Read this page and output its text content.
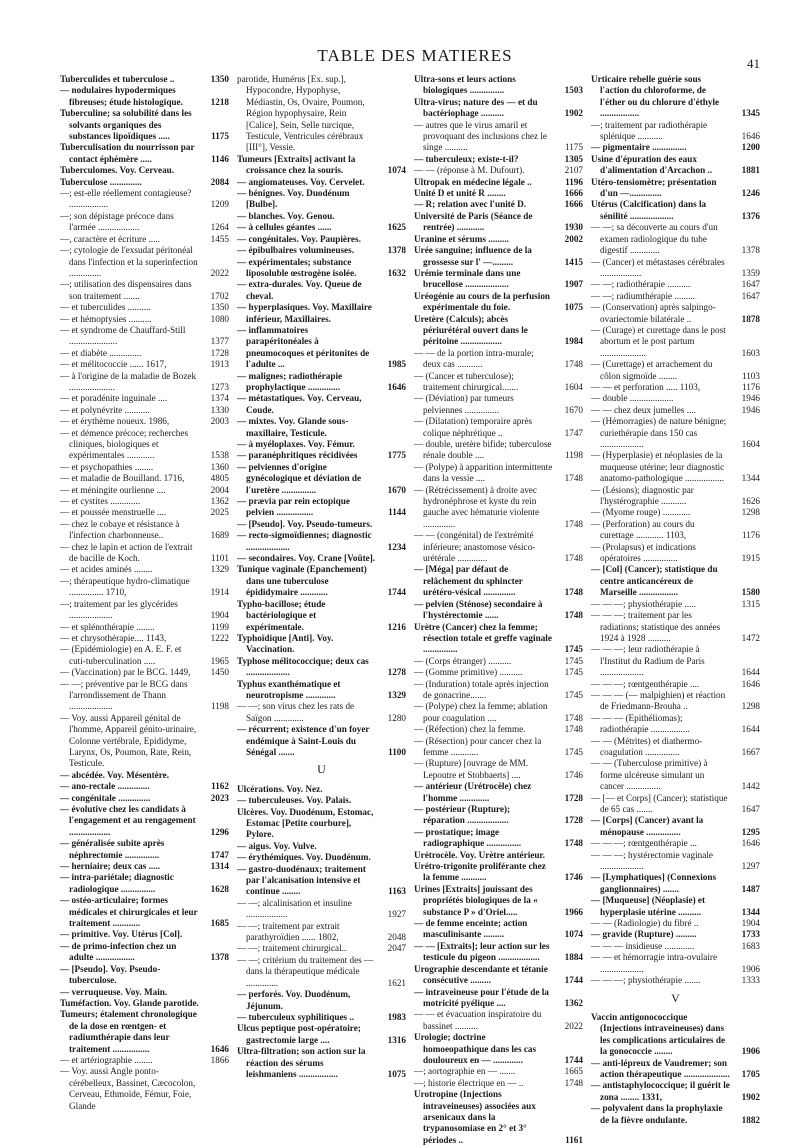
TABLE DES MATIERES	41
Tuberculides et tuberculose ..	1350
— nodulaires hypodermiques fibreuses; étude histologique.	1218
Tuberculine; sa solubilité dans les solvants organiques des substances lipoïdiques .....	1175
Tuberculisation du nourrisson par contact éphémère .....	1146
Tuberculomes. Voy. Cerveau.
Tuberculose ..............	2084
—; est-elle réellement contagieuse? .................	1209
—; son dépistage précoce dans l'armée ..................	1264
—, caractère et écriture .....	1455
—; cytologie de l'exsudat péritonéal dans l'infection et la superinfection ..............	2022
—; utilisation des dispensaires dans son traitement .......	1702
— et tuberculides ..........	1350
— et hémoptysies ..........	1080
— et syndrome de Chauffard-Still .....................	1377
— et diabète ..............	1728
— et mélitococcie ...... 1617,	1913
— à l'origine de la maladie de Bozek ....................	1273
— et poradénite inguinale ....	1374
— et polynévrite ...........	1330
— et érythème noueux. 1986,	2003
— et démence précoce; recherches cliniques, biologiques et expérimentales ............	1538
— et psychopathies ........	1360
— et maladie de Bouilland. 1716,	4805
— et méningite ourlienne ....	2004
— et cystites .............	1362
— et poussée menstruelle ....	2025
— chez le cobaye et résistance à l'infection charbonneuse..	1689
— chez le lapin et action de l'extrait de bacille de Koch.	1101
— et acides aminés ........	1329
—; thérapeutique hydro-climatique ............... 1710,	1914
—; traitement par les glycérides ...................	1904
— et splénothérapie ........	1199
— et chrysothérapie.... 1143,	1222
— (Epidémiologie) en A. E. F. et cuti-tuberculination .....	1965
— (Vaccination) par le BCG. 1449,	1450
— —; préventive par le BCG dans l'arrondissement de Thann ...................	1198
— Voy. aussi Appareil génital de l'homme, Appareil génito-urinaire, Colonne vertébrale, Epididyme, Larynx, Os, Poumon, Rate, Rein, Testicule.
— abcédée. Voy. Mésentère.
— ano-rectale ..............	1162
— congénitale ..............	2023
— évolutive chez les candidats à l'engagement et au rengagement ..................	1296
— généralisée subite après néphrectomie ...............	1747
— herniaire; deux cas .....	1314
— intra-pariétale; diagnostic radiologique ...............	1628
— ostéo-articulaire; formes médicales et chirurgicales et leur traitement ............	1685
— primitive. Voy. Utérus [Col].
— de primo-infection chez un adulte .................	1378
— [Pseudo]. Voy. Pseudo-tuberculose.
— verruqueuse. Voy. Main.
Tuméfaction. Voy. Glande parotide.
Tumeurs; étalement chronologique de la dose en rœntgen- et radiumthérapie dans leur traitement ................	1646
— et artériographie ........	1866
— Voy. aussi Angle ponto-cérébelleux, Bassinet, Cæcocolon, Cerveau, Ethmoïde, Fémur, Foie, Glande
parotide, Humérus [Ex. sup.], Hypocondre, Hypophyse, Médiastin, Os, Ovaire, Poumon, Région hypophysaire, Rein [Calice], Sein, Selle turcique, Testicule, Ventricules cérébraux [III°], Vessie.
Tumeurs [Extraits] activant la croissance chez la souris.	1074
— angiomateuses. Voy. Cervelet.
— bénignes. Voy. Duodénum [Bulbe].
— blanches. Voy. Genou.
— à cellules géantes ......	1625
— congénitales. Voy. Paupières.
— épibulbaires volumineuses.	1378
— expérimentales; substance liposoluble œstrogène isolée.	1632
— extra-durales. Voy. Queue de cheval.
— hyperplasiques. Voy. Maxillaire inférieur, Maxillaires.
— inflammatoires parapéritonéales à pneumocoques et péritonites de l'adulte ...	1985
— malignes; radiothérapie prophylactique ..............	1646
— métastatiques. Voy. Cerveau, Coude.
— mixtes. Voy. Glande sous-maxillaire, Testicule.
— à myéloplaxes. Voy. Fémur.
— paranéphritiques récidivées	1775
— pelviennes d'origine gynécologique et déviation de l'uretère ...............	1670
— prævia par rein ectopique pelvien ................	1144
— [Pseudo]. Voy. Pseudo-tumeurs.
— recto-sigmoïdiennes; diagnostic ...................	1234
— secondaires. Voy. Crane [Voûte].
Tunique vaginale (Epanchement) dans une tuberculose épididymaire ............	1744
Typho-bacillose; étude bactériologique et expérimentale.	1216
Typhoïdique [Anti]. Voy. Vaccination.
Typhose mélitococcique; deux cas ...................	1278
Typhus exanthématique et neurotropisme .............	1329
— —; son virus chez les rats de Saïgon .............	1280
— récurrent; existence d'un foyer endémique à Saint-Louis du Sénégal .......	1100
U
Ulcérations. Voy. Nez.
— tuberculeuses. Voy. Palais.
Ulcères. Voy. Duodénum, Estomac, Estomac [Petite courbure], Pylore.
— aigus. Voy. Vulve.
— érythémiques. Voy. Duodénum.
— gastro-duodénaux; traitement par l'alcanisation intensive et continue ........	1163
— —; alcalinisation et insuline ..................	1927
— —; traitement par extrait parathyroïdien ...... 1802,	2048
— —; traitement chirurgical..	2047
— —; critérium du traitement des — dans la thérapeutique médicale ..............	1621
— perforés. Voy. Duodénum, Jéjunum.
— tuberculeux syphilitiques ..	1983
Ulcus peptique post-opératoire; gastrectomie large ....	1316
Ultra-filtration; son action sur la réaction des sérums leishmaniens .................	1075
Ultra-sons et leurs actions biologiques ...............	1503
Ultra-virus; nature des — et du bactériophage ..........	1902
— autres que le virus amaril et provoquant des inclusions chez le singe ..........	1175
— tuberculeux; existe-t-il?	1305
— — (réponse à M. Dufourt).	2107
Ultropak en médecine légale ..	1196
Unité D et unité R ........	1666
— R; relation avec l'unité D.	1666
Université de Paris (Séance de rentrée) ............	1930
Uranine et sérums .........	2002
Urée sanguine; influence de la grossesse sur l' —.........	1415
Urémie terminale dans une brucellose ...................	1907
Uréogénie au cours de la perfusion expérimentale du foie.	1075
Uretère (Calculs); abcès périurétéral ouvert dans le péritoine ..................	1984
— — de la portion intra-murale; deux cas ...........	1748
— (Cancer et tuberculose); traitement chirurgical.......	1604
— (Déviation) par tumeurs pelviennes ...............	1670
— (Dilatation) temporaire après colique néphrétique ..	1747
— double, uretère bifide; tuberculose rénale double ....	1198
— (Polype) à apparition intermittente dans la vessie ....	1748
— (Rétrécissement) à droite avec hydronéphrose et kyste du rein gauche avec hématurie violente ..............	1748
— — (congénital) de l'extrémité inférieure; anastomose vésico-urétérale .............	1748
— [Méga] par défaut de relâchement du sphincter urétéro-vésical ..............	1748
— pelvien (Sténose) secondaire à l'hystérectomie ......	1748
Urètre (Cancer) chez la femme; résection totale et greffe vaginale ...............	1745
— (Corps étranger) ..........	1745
— (Gomme primitive) ..........	1745
— (Induration) totale après injection de gonacrine.......	1745
— (Polype) chez la femme; ablation pour coagulation ....	1748
— (Réfection) chez la femme.	1748
— (Résection) pour cancer chez la femme ............	1745
— (Rupture) [ouvrage de MM. Lepoutre et Stobbaerts] ....	1746
— antérieur (Urétrocèle) chez l'homme .............	1728
— postérieur (Rupture); réparation ..................	1728
— prostatique; image radiographique ...............	1748
Urétrocèle. Voy. Urètre antérieur.
Urétro-trigonite proliférante chez la femme ...........	1746
Urines [Extraits] jouissant des propriétés biologiques de la « substance P » d'Oriel.....	1966
— de femme enceinte; action masculinisante .........	1074
— — [Extraits]; leur action sur les testicule du pigeon ..................	1884
Urographie descendante et tétanie consécutive .........	1744
— intraveineuse pour l'étude de la motricité pyélique ....	1362
— — et évacuation inspiratoire du bassinet ..........	2022
Urologie; doctrine homoeopathique dans les cas douloureux en — .............	1744
—; aortographie en — .......	1665
—; historie électrique en — ..	1748
Urotropine (Injections intraveineuses) associées aux arsenicaux dans la trypanosomiase en 2° et 3° périodes ..	1161
Urticaire rebelle guérie sous l'action du chloroforme, de l'éther ou du chlorure d'éthyle .................	1345
—; traitement par radiothérapie splénique ...........	1646
— pigmentaire ...............	1200
Usine d'épuration des eaux d'alimentation d'Arcachon ..	1881
Utéro-tensiomètre; présentation d'un —..............	1246
Utérus (Calcification) dans la sénilité ...................	1376
— —; sa découverte au cours d'un examen radiologique du tube digestif .............	1378
— (Cancer) et métastases cérébrales ..................	1359
— —; radiothérapie ..........	1647
— —; radiumthérapie .........	1647
— (Conservation) après salpingo-ovariectomie bilatérale ..	1878
— (Curage) et curettage dans le post abortum et le post partum ....................	1603
— (Curettage) et arrachement du côlon sigmoïde ........	1103
— — et perforation ..... 1103,	1176
— double ...................	1946
— — chez deux jumelles ....	1946
— (Hémorragies) de nature bénigne; curiethérapie dans 150 cas ...................	1604
— (Hyperplasie) et néoplasies de la muqueuse utérine; leur diagnostic anatomo-pathologique .................	1344
— (Lésions); diagnostic par l'hystérographie ...........	1626
— (Myome rouge) ............	1298
— (Perforation) au cours du curettage ............ 1103,	1176
— (Prolapsus) et indications opératoires ...............	1915
— [Col] (Cancer); statistique du centre anticancéreux de Marseille .................	1580
— — —; physiothérapie .....	1315
— — —; traitement par les radiations; statistique des années 1924 à 1928 ..........	1472
— — —; leur radiothérapie à l'Institut du Radium de Paris ...................	1644
— — —; rœntgenthérapie ....	1646
— — — (— malpighien) et réaction de Friedmann-Brouha ..	1298
— — — (Epithéliomas); radiothérapie .................	1644
— — (Métrites) et diathermo-coagulation ...............	1667
— — (Tuberculose primitive) à forme ulcéreuse simulant un cancer ...............	1442
— [— et Corps] (Cancer); statistique de 65 cas .......	1647
— [Corps] (Cancer) avant la ménopause ...............	1295
— — —; rœntgenthérapie ...	1646
— — —; hystérectomie vaginale ...................	1297
— [Lymphatiques] (Connexions ganglionnaires) .......	1487
— [Muqueuse] (Néoplasie) et hyperplasie utérine ..........	1344
— — (Radiologie) du fibré ..	1904
— gravide (Rupture) .........	1733
— — — insidieuse .............	1683
— — et hémorragie intra-ovulaire ...................	1906
— — —; physiothérapie .......	1333
V
Vaccin antigonococcique (Injections intraveineuses) dans les complications articulaires de la gonococcie ........	1906
— anti-lépreux de Vaudremer; son action thérapeutique ....................	1705
— antistaphylococcique; il guérit le zona ........ 1331,	1902
— polyvalent dans la prophylaxie de la fièvre ondulante.	1882
